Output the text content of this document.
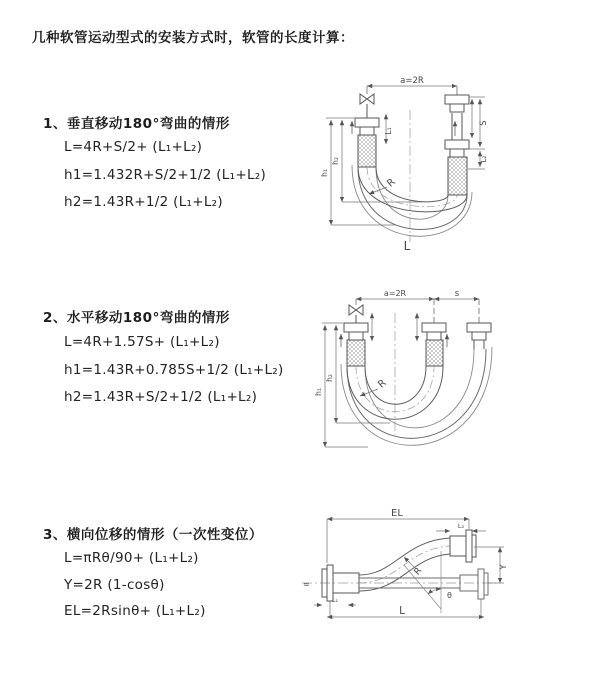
几种软管运动型式的安装方式时，软管的长度计算：
1、垂直移动180°弯曲的情形
L=4R+S/2+ (L₁+L₂)
h1=1.432R+S/2+1/2 (L₁+L₂)
h2=1.43R+1/2 (L₁+L₂)
2、水平移动180°弯曲的情形
L=4R+1.57S+ (L₁+L₂)
h1=1.43R+0.785S+1/2 (L₁+L₂)
h2=1.43R+S/2+1/2 (L₁+L₂)
3、横向位移的情形（一次性变位）
L=πRθ/90+ (L₁+L₂)
Y=2R (1-cosθ)
EL=2Rsinθ+ (L₁+L₂)
a=2R
L₁
S
L₂
h₁
h₂
R
L
a=2R	s
h₁
h₂	R
EL
L₂
Y
R
θ
L₁
L
≈
